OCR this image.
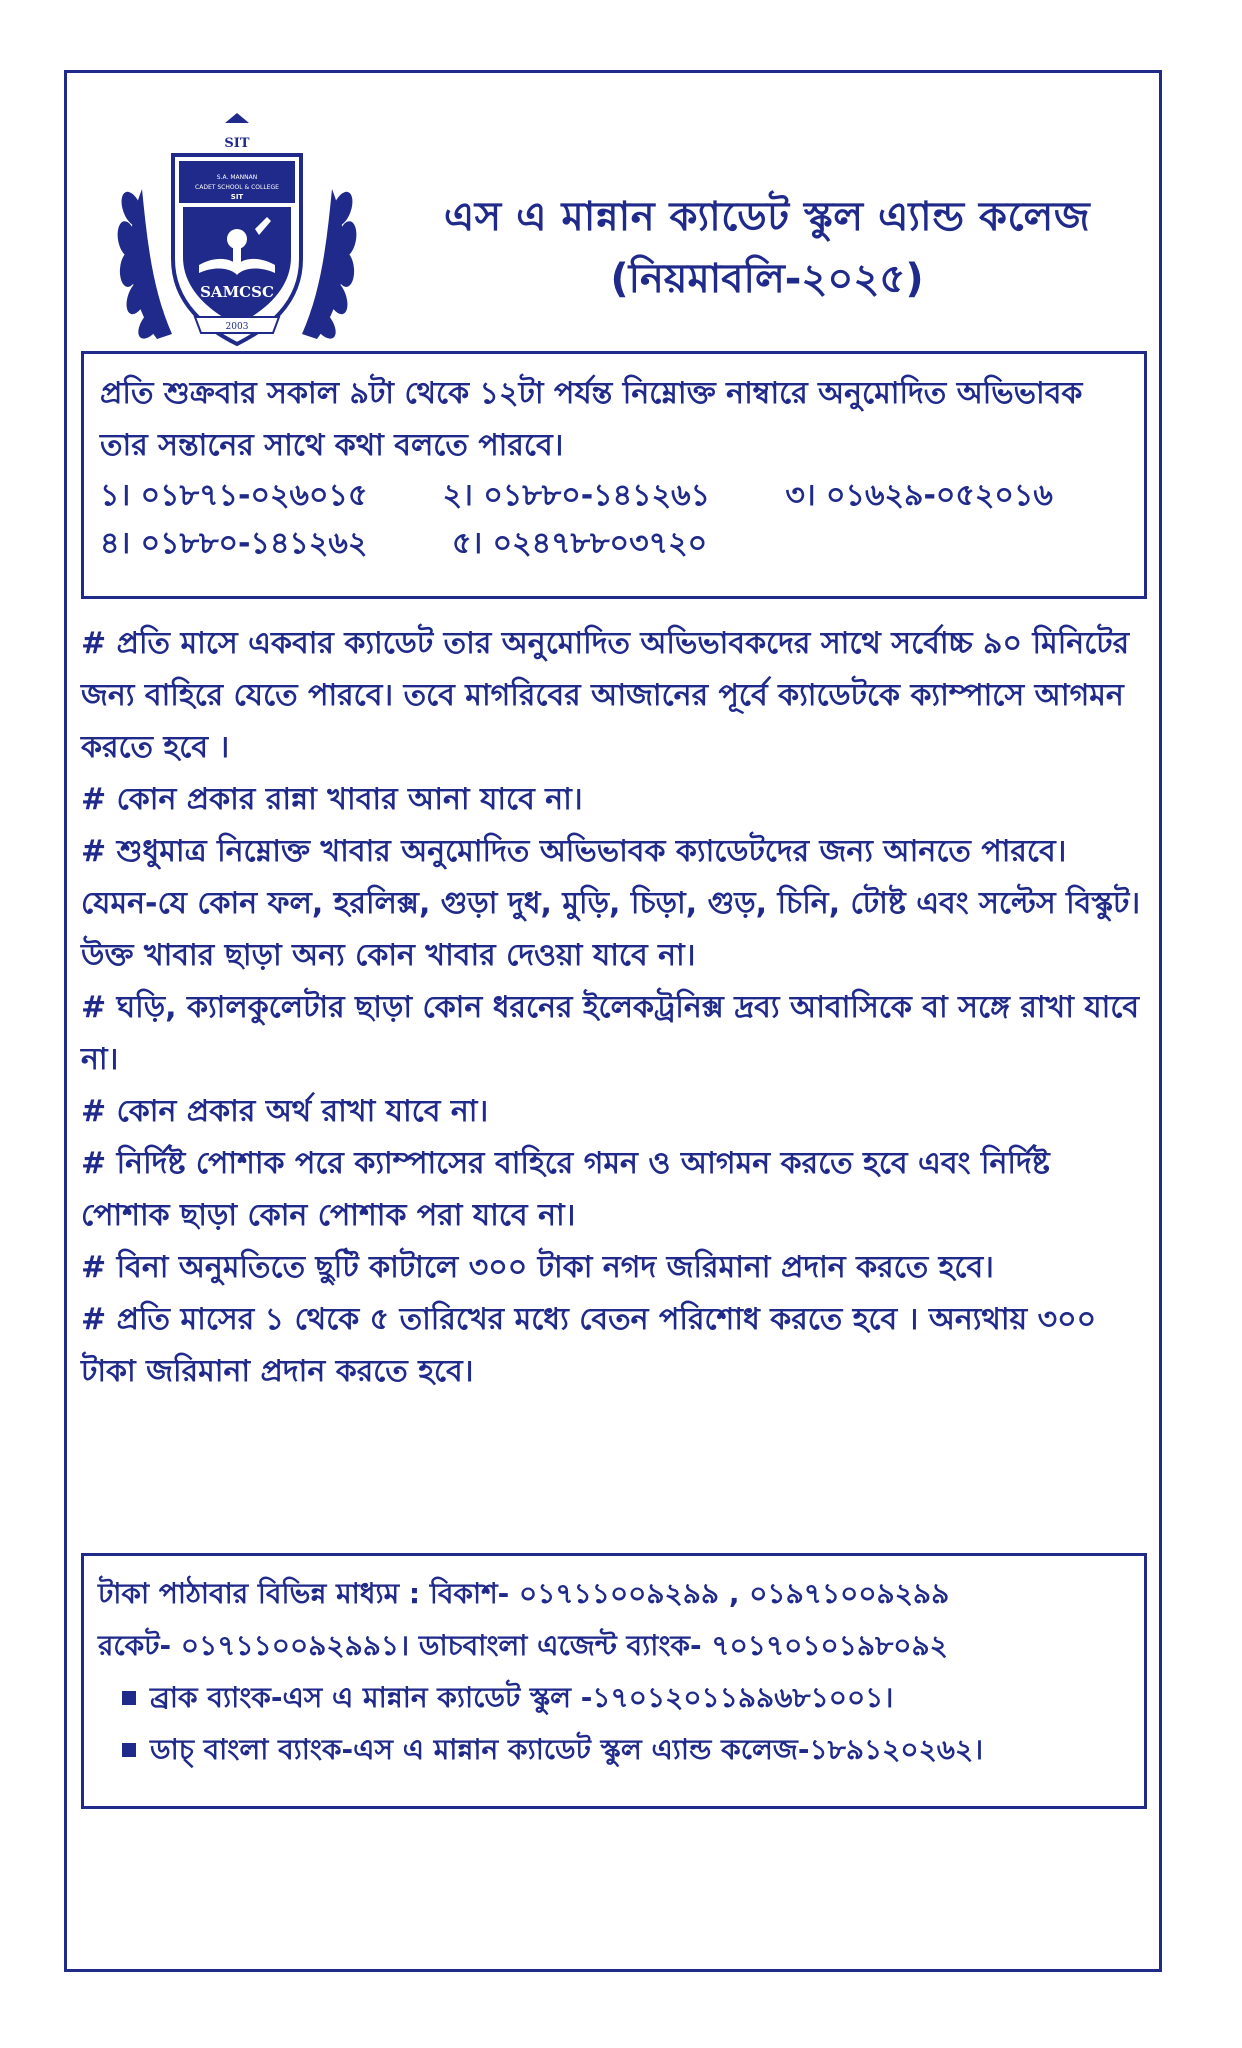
SIT
S.A. MANNAN
CADET SCHOOL & COLLEGE
SIT
SAMCSC
2003
এস এ মান্নান ক্যাডেট স্কুল এ্যান্ড কলেজ
(নিয়মাবলি-২০২৫)
প্রতি শুক্রবার সকাল ৯টা থেকে ১২টা পর্যন্ত নিম্নোক্ত নাম্বারে অনুমোদিত অভিভাবক তার সন্তানের সাথে কথা বলতে পারবে।
১। ০১৮৭১-০২৬০১৫	২। ০১৮৮০-১৪১২৬১	৩। ০১৬২৯-০৫২০১৬
৪। ০১৮৮০-১৪১২৬২	৫। ০২৪৭৮৮০৩৭২০

# প্রতি মাসে একবার ক্যাডেট তার অনুমোদিত অভিভাবকদের সাথে সর্বোচ্চ ৯০ মিনিটের জন্য বাহিরে যেতে পারবে। তবে মাগরিবের আজানের পূর্বে ক্যাডেটকে ক্যাম্পাসে আগমন করতে হবে ।

# কোন প্রকার রান্না খাবার আনা যাবে না।

# শুধুমাত্র নিম্নোক্ত খাবার অনুমোদিত অভিভাবক ক্যাডেটদের জন্য আনতে পারবে। যেমন-যে কোন ফল, হরলিক্স, গুড়া দুধ, মুড়ি, চিড়া, গুড়, চিনি, টোষ্ট এবং সল্টেস বিস্কুট। উক্ত খাবার ছাড়া অন্য কোন খাবার দেওয়া যাবে না।

# ঘড়ি, ক্যালকুলেটার ছাড়া কোন ধরনের ইলেকট্রনিক্স দ্রব্য আবাসিকে বা সঙ্গে রাখা যাবে না।

# কোন প্রকার অর্থ রাখা যাবে না।

# নির্দিষ্ট পোশাক পরে ক্যাম্পাসের বাহিরে গমন ও আগমন করতে হবে এবং নির্দিষ্ট পোশাক ছাড়া কোন পোশাক পরা যাবে না।

# বিনা অনুমতিতে ছুটি কাটালে ৩০০ টাকা নগদ জরিমানা প্রদান করতে হবে।

# প্রতি মাসের ১ থেকে ৫ তারিখের মধ্যে বেতন পরিশোধ করতে হবে । অন্যথায় ৩০০ টাকা জরিমানা প্রদান করতে হবে।

টাকা পাঠাবার বিভিন্ন মাধ্যম : বিকাশ- ০১৭১১০০৯২৯৯ , ০১৯৭১০০৯২৯৯
রকেট- ০১৭১১০০৯২৯৯১। ডাচবাংলা এজেন্ট ব্যাংক- ৭০১৭০১০১৯৮০৯২
ব্রাক ব্যাংক-এস এ মান্নান ক্যাডেট স্কুল -১৭০১২০১১৯৯৬৮১০০১।
ডাচ্ বাংলা ব্যাংক-এস এ মান্নান ক্যাডেট স্কুল এ্যান্ড কলেজ-১৮৯১২০২৬২।
